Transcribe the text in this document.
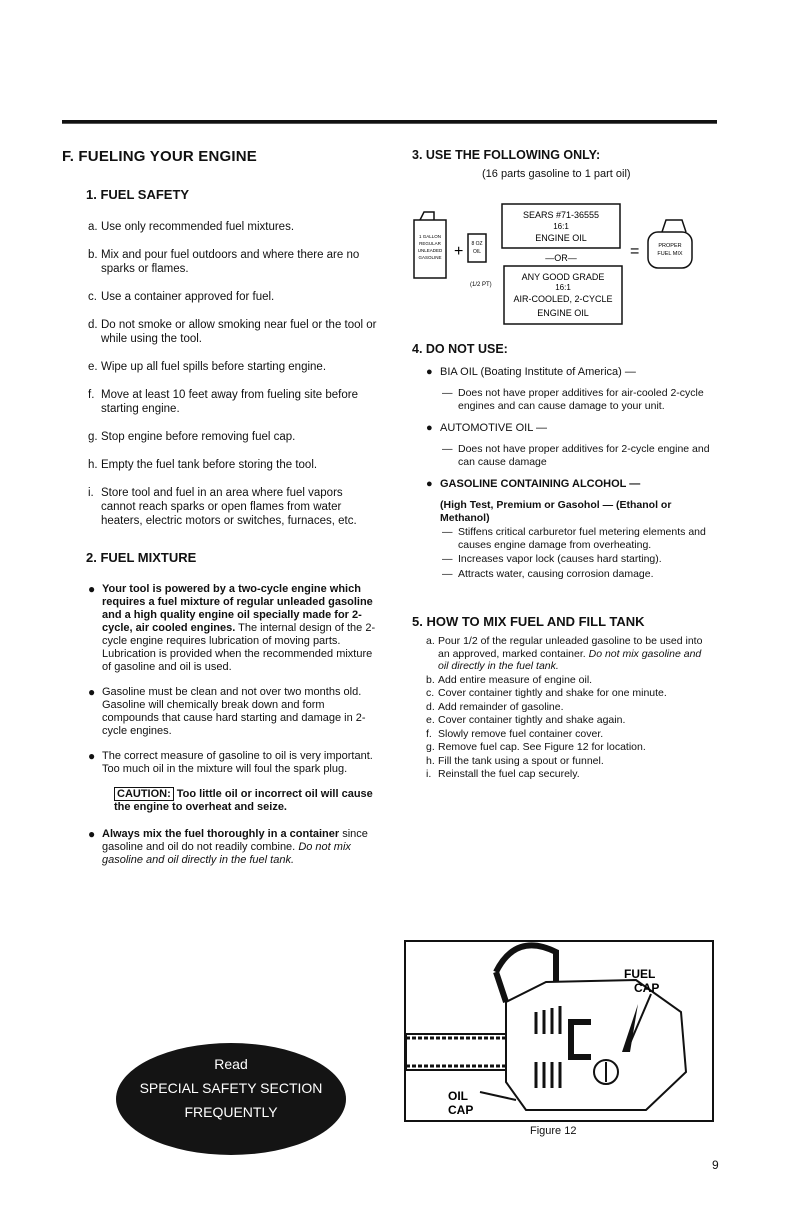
F. FUELING YOUR ENGINE
1. FUEL SAFETY
a. Use only recommended fuel mixtures.
b. Mix and pour fuel outdoors and where there are no sparks or flames.
c. Use a container approved for fuel.
d. Do not smoke or allow smoking near fuel or the tool or while using the tool.
e. Wipe up all fuel spills before starting engine.
f. Move at least 10 feet away from fueling site before starting engine.
g. Stop engine before removing fuel cap.
h. Empty the fuel tank before storing the tool.
i. Store tool and fuel in an area where fuel vapors cannot reach sparks or open flames from water heaters, electric motors or switches, furnaces, etc.
2. FUEL MIXTURE
● Your tool is powered by a two-cycle engine which requires a fuel mixture of regular unleaded gasoline and a high quality engine oil specially made for 2-cycle, air cooled engines. The internal design of the 2-cycle engine requires lubrication of moving parts. Lubrication is provided when the recommended mixture of gasoline and oil is used.
● Gasoline must be clean and not over two months old. Gasoline will chemically break down and form compounds that cause hard starting and damage in 2-cycle engines.
● The correct measure of gasoline to oil is very important. Too much oil in the mixture will foul the spark plug.
CAUTION: Too little oil or incorrect oil will cause the engine to overheat and seize.
● Always mix the fuel thoroughly in a container since gasoline and oil do not readily combine. Do not mix gasoline and oil directly in the fuel tank.
Read
SPECIAL SAFETY SECTION
FREQUENTLY
3. USE THE FOLLOWING ONLY:
(16 parts gasoline to 1 part oil)
1 GALLON
REGULAR
UNLEADED
GASOLINE + 8 OZ
OIL
(1/2 PT)
SEARS #71-36555
16:1
ENGINE OIL
—OR—
ANY GOOD GRADE
16:1
AIR-COOLED, 2-CYCLE
ENGINE OIL
=	PROPER
FUEL MIX
4. DO NOT USE:
● BIA OIL (Boating Institute of America) —
— Does not have proper additives for air-cooled 2-cycle engines and can cause damage to your unit.
● AUTOMOTIVE OIL —
— Does not have proper additives for 2-cycle engine and can cause damage
● GASOLINE CONTAINING ALCOHOL —
(High Test, Premium or Gasohol — (Ethanol or Methanol)
— Stiffens critical carburetor fuel metering elements and causes engine damage from overheating.
— Increases vapor lock (causes hard starting).
— Attracts water, causing corrosion damage.
5. HOW TO MIX FUEL AND FILL TANK
a. Pour 1/2 of the regular unleaded gasoline to be used into an approved, marked container. Do not mix gasoline and oil directly in the fuel tank.
b. Add entire measure of engine oil.
c. Cover container tightly and shake for one minute.
d. Add remainder of gasoline.
e. Cover container tightly and shake again.
f. Slowly remove fuel container cover.
g. Remove fuel cap. See Figure 12 for location.
h. Fill the tank using a spout or funnel.
i. Reinstall the fuel cap securely.
FUEL
CAP
OIL
CAP
Figure 12
9
